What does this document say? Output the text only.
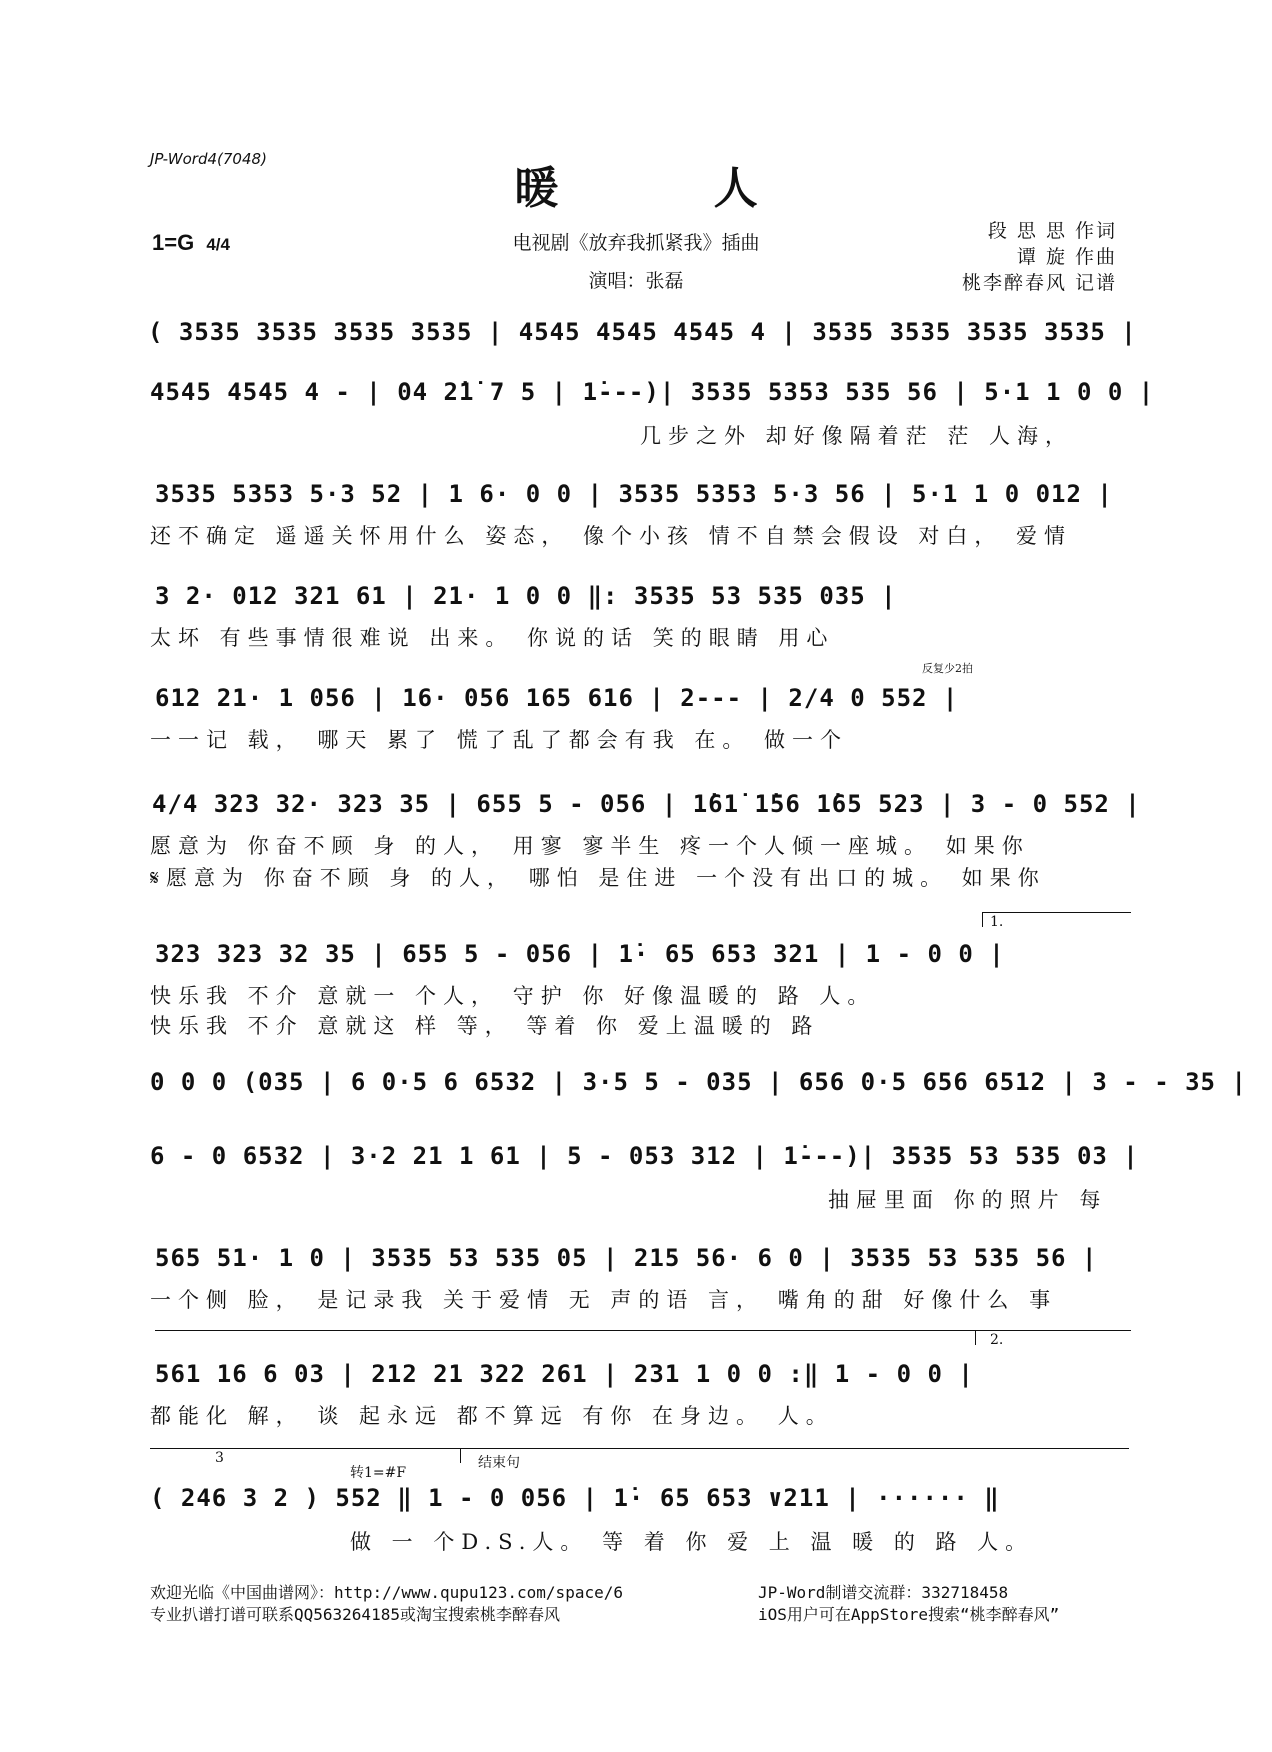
JP-Word4(7048)
暖 人
1=G 4/4	电视剧《放弃我抓紧我》插曲
演唱：张磊
段 思 思 作词
谭 旋 作曲
桃李醉春风 记谱
( 3535 3535 3535 3535 | 4545 4545 4545 4 | 3535 3535 3535 3535 |
4545 4545 4 - | 04 2̇1̇ 7 5 | 1̇---)| 3535 5353 535 56 | 5·1 1 0 0 |
几步之外 却好像隔着茫 茫 人海，
3535 5353 5·3 52 | 1 6· 0 0 | 3535 5353 5·3 56 | 5·1 1 0 012 |
还不确定 遥遥关怀用什么 姿态， 像个小孩 情不自禁会假设 对白， 爱情
3 2· 012 321 61 | 21· 1 0 0 ‖: 3535 53 535 035 |
太坏 有些事情很难说 出来。 你说的话 笑的眼睛 用心
反复少2拍
612 21· 1 056 | 16· 056 165 616 | 2--- | 2/4 0 552 |
一一记 载， 哪天 累了 慌了乱了都会有我 在。 做一个
4/4 323 32· 323 35 | 655 5 - 056 | 1̇61̇ 1̇56 1̇65 523 | 3 - 0 552 |
愿意为 你奋不顾 身 的人， 用寥 寥半生 疼一个人倾一座城。 如果你
𝄋愿意为 你奋不顾 身 的人， 哪怕 是住进 一个没有出口的城。 如果你
1.
323 323 32 35 | 655 5 - 056 | 1̇· 65 653 321 | 1 - 0 0 |
快乐我 不介 意就一 个人， 守护 你 好像温暖的 路 人。
快乐我 不介 意就这 样 等， 等着 你 爱上温暖的 路
0 0 0 (035 | 6 0·5 6 6532 | 3·5 5 - 035 | 656 0·5 656 6512 | 3 - - 35 |
6 - 0 6532 | 3·2 21 1 61 | 5 - 053 312 | 1̇---)| 3535 53 535 03 |
抽屉里面 你的照片 每
565 51· 1 0 | 3535 53 535 05 | 215 56· 6 0 | 3535 53 535 56 |
一个侧 脸， 是记录我 关于爱情 无 声的语 言， 嘴角的甜 好像什么 事
2.
561 16 6 03 | 212 21 322 261 | 231 1 0 0 :‖ 1 - 0 0 |
都能化 解， 谈 起永远 都不算远 有你 在身边。 人。
3
转1=#F
结束句
( 246 3 2 ) 552 ‖ 1 - 0 056 | 1̇· 65 653 ∨211 | ······ ‖
做 一 个D.S.人。 等 着 你 爱 上 温 暖 的 路 人。
欢迎光临《中国曲谱网》：http://www.qupu123.com/space/6
专业扒谱打谱可联系QQ563264185或淘宝搜索桃李醉春风
JP-Word制谱交流群：332718458
iOS用户可在AppStore搜索“桃李醉春风”
